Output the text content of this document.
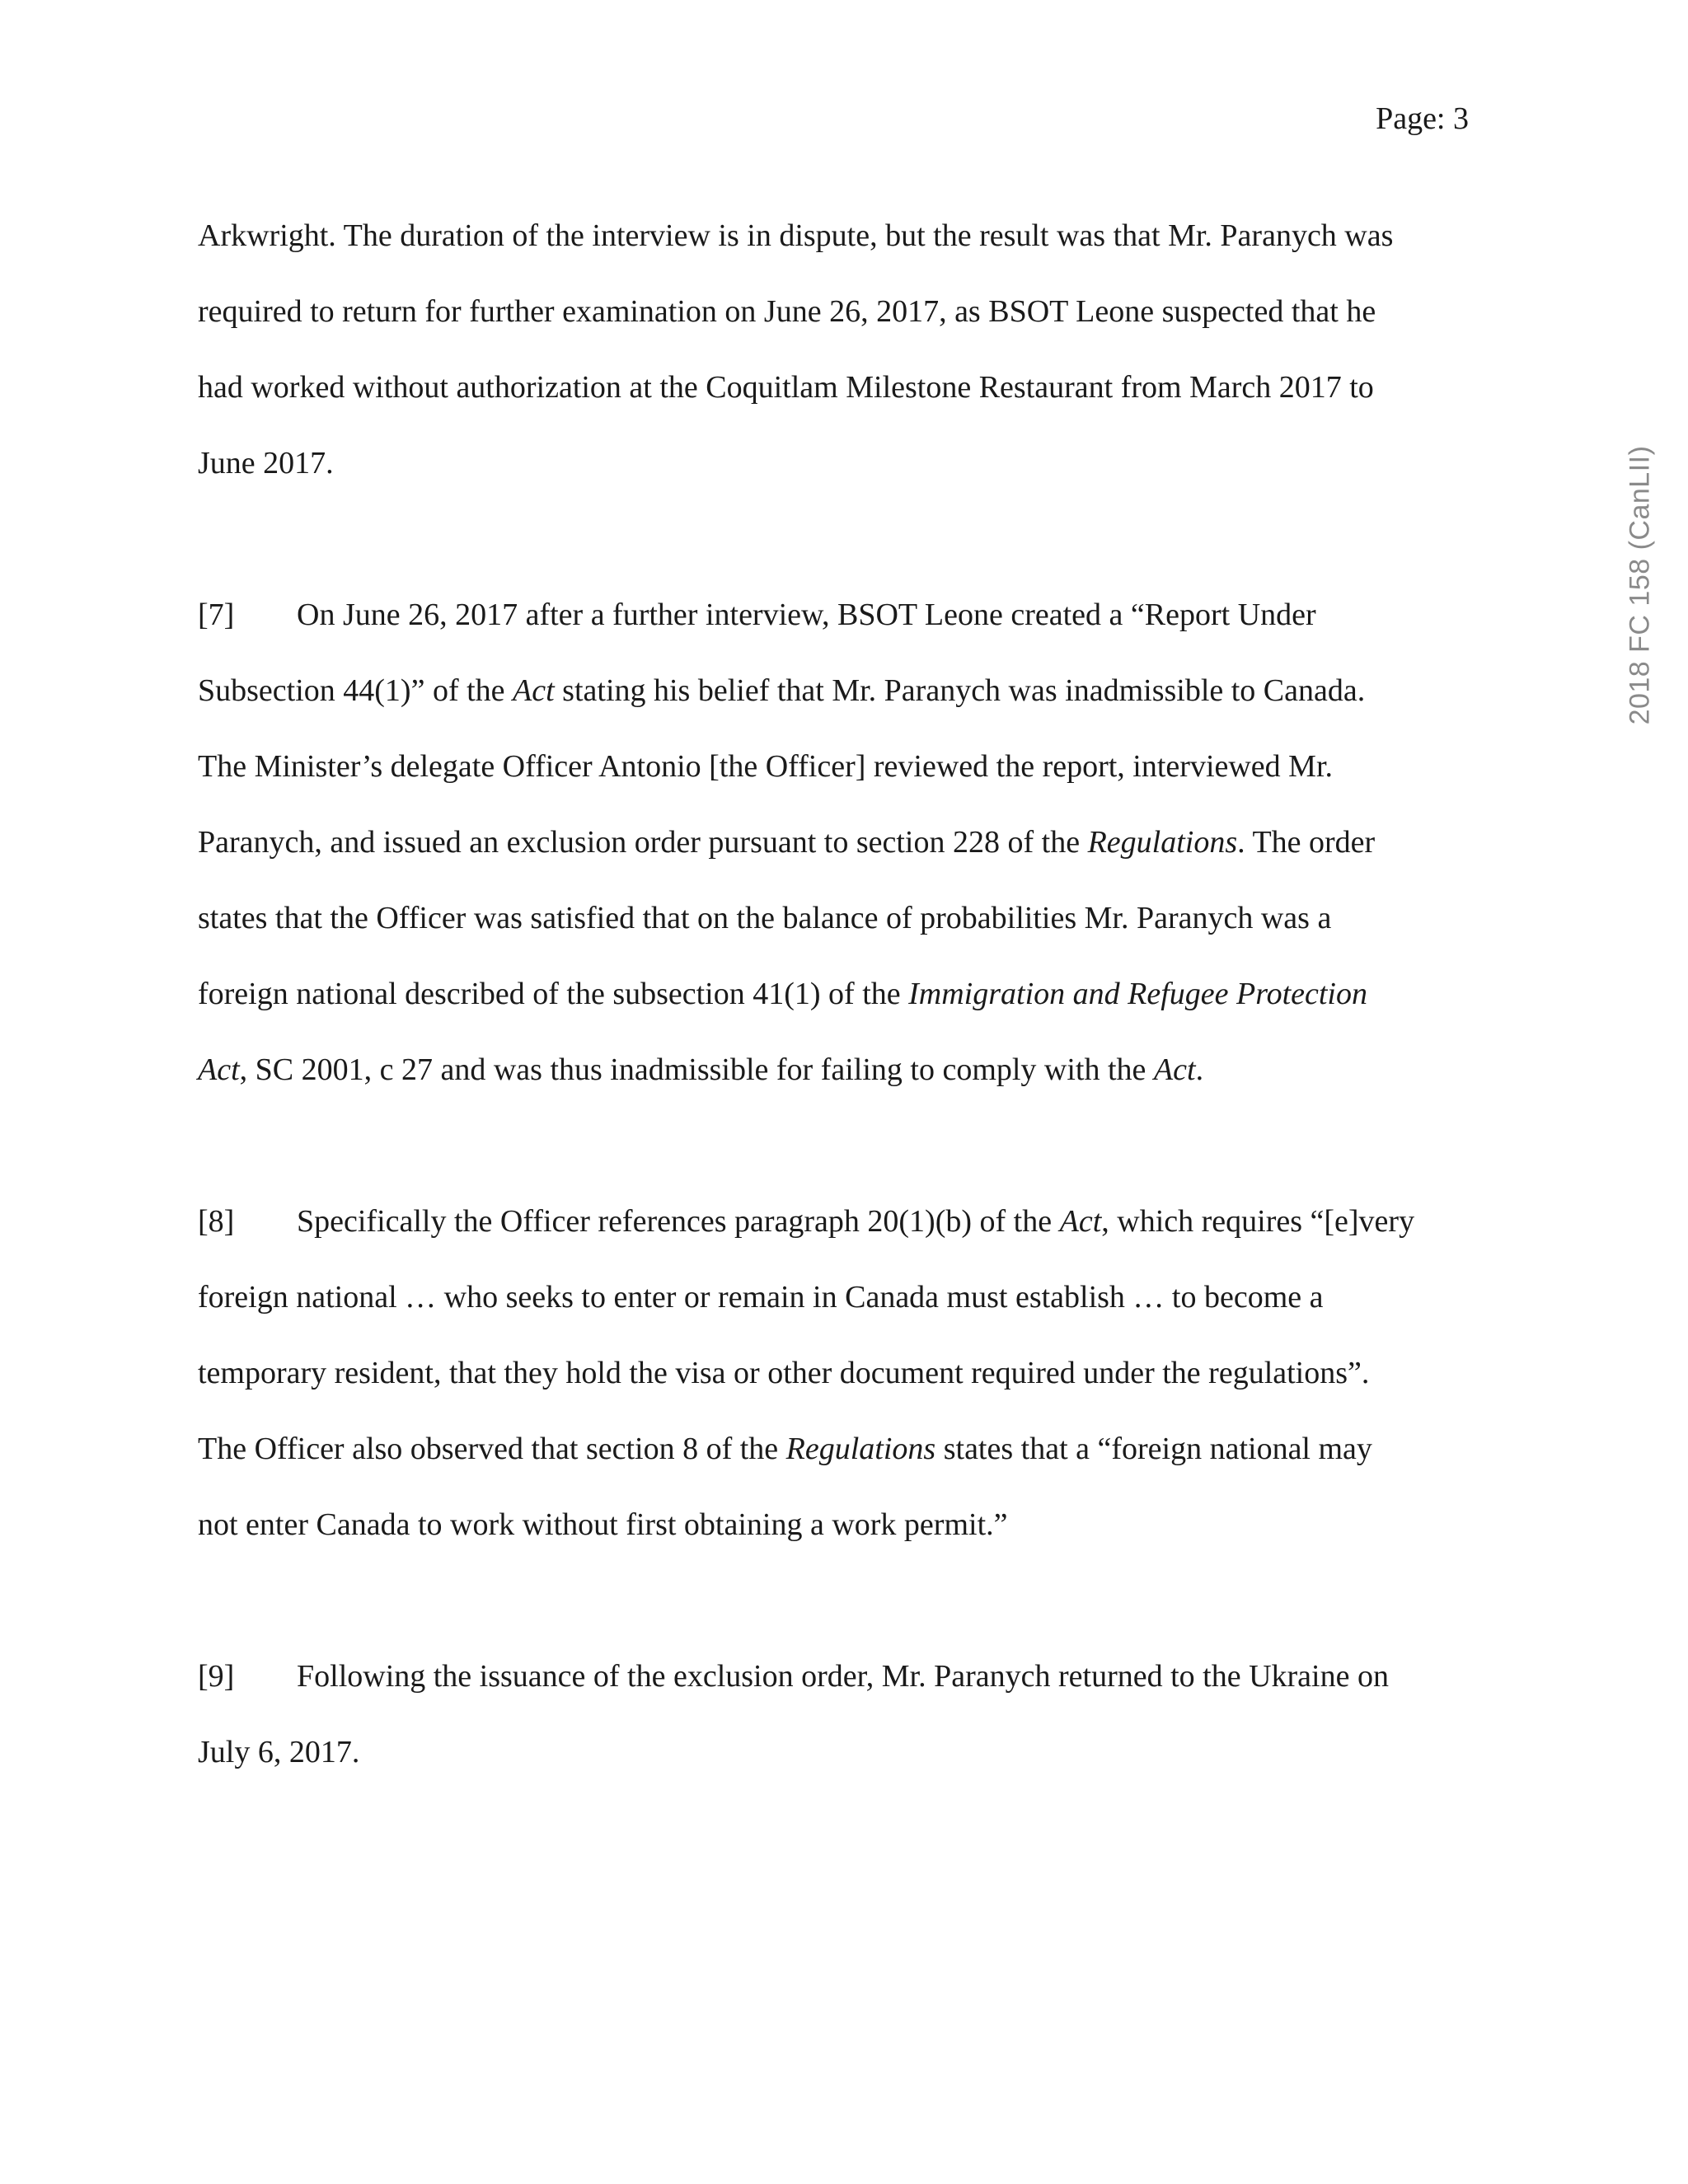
Page: 3
2018 FC 158 (CanLII)
Arkwright. The duration of the interview is in dispute, but the result was that Mr. Paranych was
required to return for further examination on June 26, 2017, as BSOT Leone suspected that he
had worked without authorization at the Coquitlam Milestone Restaurant from March 2017 to
June 2017.
[7] On June 26, 2017 after a further interview, BSOT Leone created a “Report Under
Subsection 44(1)” of the Act stating his belief that Mr. Paranych was inadmissible to Canada.
The Minister’s delegate Officer Antonio [the Officer] reviewed the report, interviewed Mr.
Paranych, and issued an exclusion order pursuant to section 228 of the Regulations. The order
states that the Officer was satisfied that on the balance of probabilities Mr. Paranych was a
foreign national described of the subsection 41(1) of the Immigration and Refugee Protection
Act, SC 2001, c 27 and was thus inadmissible for failing to comply with the Act.
[8] Specifically the Officer references paragraph 20(1)(b) of the Act, which requires “[e]very
foreign national … who seeks to enter or remain in Canada must establish … to become a
temporary resident, that they hold the visa or other document required under the regulations”.
The Officer also observed that section 8 of the Regulations states that a “foreign national may
not enter Canada to work without first obtaining a work permit.”
[9] Following the issuance of the exclusion order, Mr. Paranych returned to the Ukraine on
July 6, 2017.
